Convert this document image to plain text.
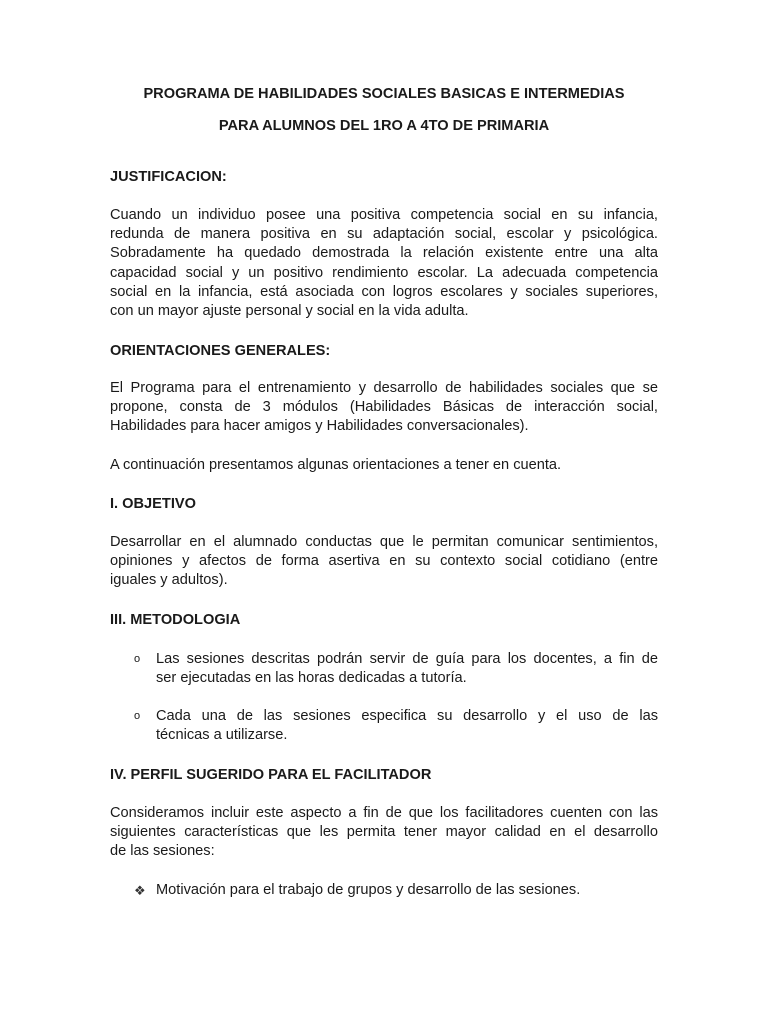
PROGRAMA DE HABILIDADES SOCIALES BASICAS E INTERMEDIAS
PARA ALUMNOS DEL 1RO A 4TO DE PRIMARIA
JUSTIFICACION:
Cuando un individuo posee una positiva competencia social en su infancia,
redunda de manera positiva en su adaptación social, escolar y psicológica.
Sobradamente ha quedado demostrada la relación existente entre una alta
capacidad social y un positivo rendimiento escolar. La adecuada competencia
social en la infancia, está asociada con logros escolares y sociales superiores,
con un mayor ajuste personal y social en la vida adulta.
ORIENTACIONES GENERALES:
El Programa para el entrenamiento y desarrollo de habilidades sociales que se
propone, consta de 3 módulos (Habilidades Básicas de interacción social,
Habilidades para hacer amigos y Habilidades conversacionales).
A continuación presentamos algunas orientaciones a tener en cuenta.
I. OBJETIVO
Desarrollar en el alumnado conductas que le permitan comunicar sentimientos,
opiniones y afectos de forma asertiva en su contexto social cotidiano (entre
iguales y adultos).
III. METODOLOGIA
o Las sesiones descritas podrán servir de guía para los docentes, a fin de
ser ejecutadas en las horas dedicadas a tutoría.
o Cada una de las sesiones especifica su desarrollo y el uso de las
técnicas a utilizarse.
IV. PERFIL SUGERIDO PARA EL FACILITADOR
Consideramos incluir este aspecto a fin de que los facilitadores cuenten con las
siguientes características que les permita tener mayor calidad en el desarrollo
de las sesiones:
❖ Motivación para el trabajo de grupos y desarrollo de las sesiones.
